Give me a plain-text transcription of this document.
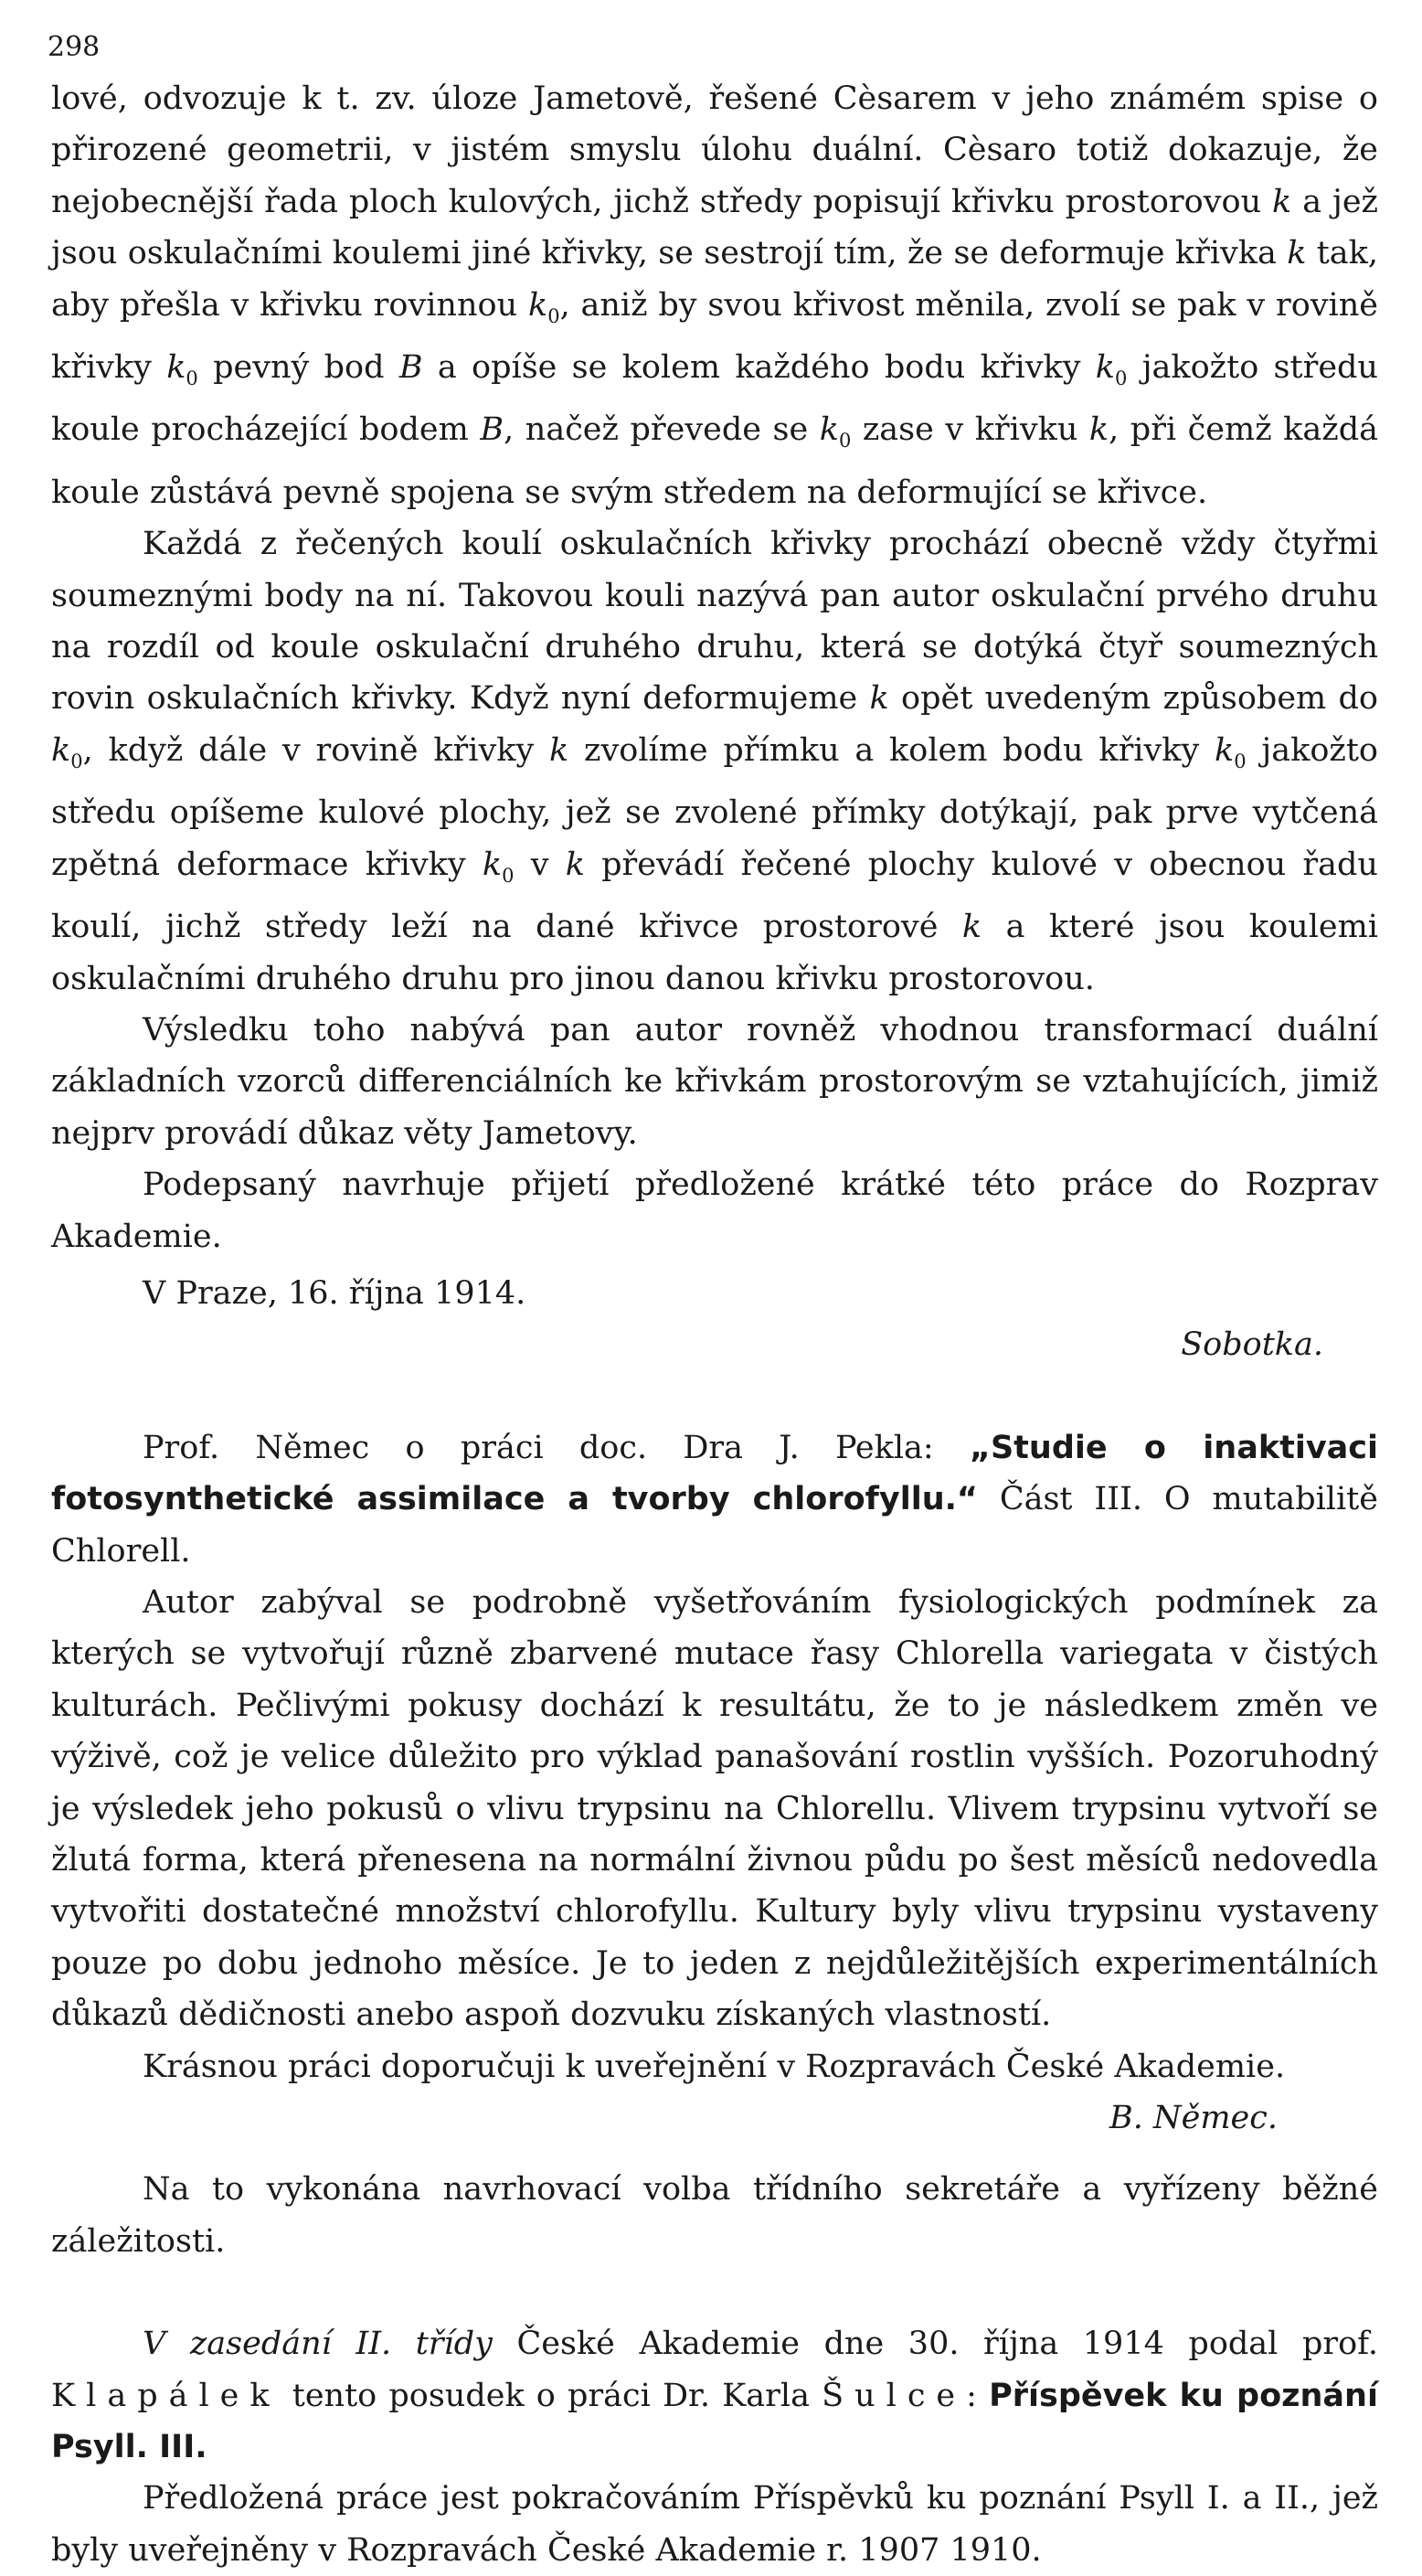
298

lové, odvozuje k t. zv. úloze Jametově, řešené Cèsarem v jeho známém spise o přirozené geometrii, v jistém smyslu úlohu duální. Cèsaro totiž dokazuje, že nejobecnější řada ploch kulových, jichž středy popisují křivku prostorovou k a jež jsou oskulačními koulemi jiné křivky, se sestrojí tím, že se deformuje křivka k tak, aby přešla v křivku rovinnou $k_0$, aniž by svou křivost měnila, zvolí se pak v rovině křivky $k_0$ pevný bod B a opíše se kolem každého bodu křivky $k_0$ jakožto středu koule procházející bodem B, načež převede se $k_0$ zase v křivku k, při čemž každá koule zůstává pevně spojena se svým středem na deformující se křivce.

Každá z řečených koulí oskulačních křivky prochází obecně vždy čtyřmi soumeznými body na ní. Takovou kouli nazývá pan autor oskulační prvého druhu na rozdíl od koule oskulační druhého druhu, která se dotýká čtyř soumezných rovin oskulačních křivky. Když nyní deformujeme k opět uvedeným způsobem do $k_0$, když dále v rovině křivky k zvolíme přímku a kolem bodu křivky $k_0$ jakožto středu opíšeme kulové plochy, jež se zvolené přímky dotýkají, pak prve vytčená zpětná deformace křivky $k_0$ v k převádí řečené plochy kulové v obecnou řadu koulí, jichž středy leží na dané křivce prostorové k a které jsou koulemi oskulačními druhého druhu pro jinou danou křivku prostorovou.

Výsledku toho nabývá pan autor rovněž vhodnou transformací duální základních vzorců differenciálních ke křivkám prostorovým se vztahujících, jimiž nejprv provádí důkaz věty Jametovy.

Podepsaný navrhuje přijetí předložené krátké této práce do Rozprav Akademie.

V Praze, 16. října 1914.

Sobotka.

Prof. Němec o práci doc. Dra J. Pekla: „Studie o inaktivaci fotosynthetické assimilace a tvorby chlorofyllu.“ Část III. O mutabilitě Chlorell.

Autor zabýval se podrobně vyšetřováním fysiologických podmínek za kterých se vytvořují různě zbarvené mutace řasy Chlorella variegata v čistých kulturách. Pečlivými pokusy dochází k resultátu, že to je následkem změn ve výživě, což je velice důležito pro výklad panašování rostlin vyšších. Pozoruhodný je výsledek jeho pokusů o vlivu trypsinu na Chlorellu. Vlivem trypsinu vytvoří se žlutá forma, která přenesena na normální živnou půdu po šest měsíců nedovedla vytvořiti dostatečné množství chlorofyllu. Kultury byly vlivu trypsinu vystaveny pouze po dobu jednoho měsíce. Je to jeden z nejdůležitějších experimentálních důkazů dědičnosti anebo aspoň dozvuku získaných vlastností.

Krásnou práci doporučuji k uveřejnění v Rozpravách České Akademie.

B. Němec.

Na to vykonána navrhovací volba třídního sekretáře a vyřízeny běžné záležitosti.

V zasedání II. třídy České Akademie dne 30. října 1914 podal prof. Klapálek tento posudek o práci Dr. Karla Šulce: Příspěvek ku poznání Psyll. III.

Předložená práce jest pokračováním Příspěvků ku poznání Psyll I. a II., jež byly uveřejněny v Rozpravách České Akademie r. 1907 1910.
